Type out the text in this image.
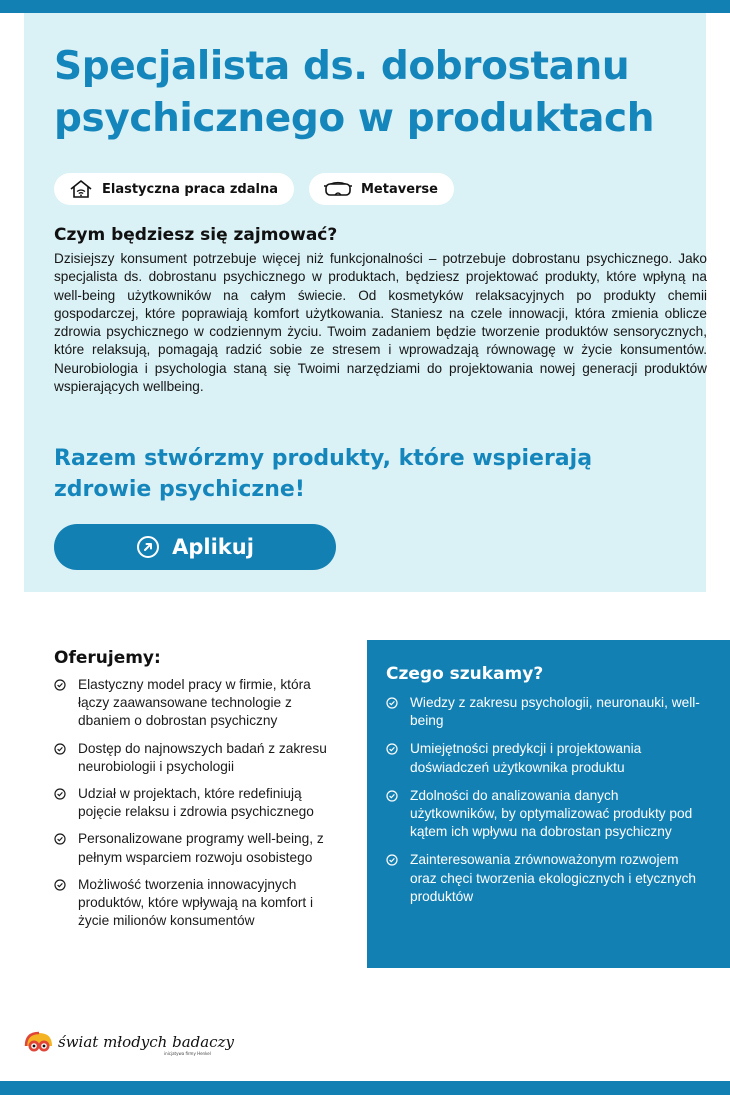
Specjalista ds. dobrostanu psychicznego w produktach
Elastyczna praca zdalna	Metaverse
Czym będziesz się zajmować?

Dzisiejszy konsument potrzebuje więcej niż funkcjonalności – potrzebuje dobrostanu psychicznego. Jako specjalista ds. dobrostanu psychicznego w produktach, będziesz projektować produkty, które wpłyną na well-being użytkowników na całym świecie. Od kosmetyków relaksacyjnych po produkty chemii gospodarczej, które poprawiają komfort użytkowania. Staniesz na czele innowacji, która zmienia oblicze zdrowia psychicznego w codziennym życiu. Twoim zadaniem będzie tworzenie produktów sensorycznych, które relaksują, pomagają radzić sobie ze stresem i wprowadzają równowagę w życie konsumentów. Neurobiologia i psychologia staną się Twoimi narzędziami do projektowania nowej generacji produktów wspierających wellbeing.

Razem stwórzmy produkty, które wspierają zdrowie psychiczne!
Aplikuj
Oferujemy:
Elastyczny model pracy w firmie, która łączy zaawansowane technologie z dbaniem o dobrostan psychiczny
Dostęp do najnowszych badań z zakresu neurobiologii i psychologii
Udział w projektach, które redefiniują pojęcie relaksu i zdrowia psychicznego
Personalizowane programy well-being, z pełnym wsparciem rozwoju osobistego
Możliwość tworzenia innowacyjnych produktów, które wpływają na komfort i życie milionów konsumentów
Czego szukamy?
Wiedzy z zakresu psychologii, neuronauki, well-being
Umiejętności predykcji i projektowania doświadczeń użytkownika produktu
Zdolności do analizowania danych użytkowników, by optymalizować produkty pod kątem ich wpływu na dobrostan psychiczny
Zainteresowania zrównoważonym rozwojem oraz chęci tworzenia ekologicznych i etycznych produktów
świat młodych badaczy
inicjatywa firmy Henkel
